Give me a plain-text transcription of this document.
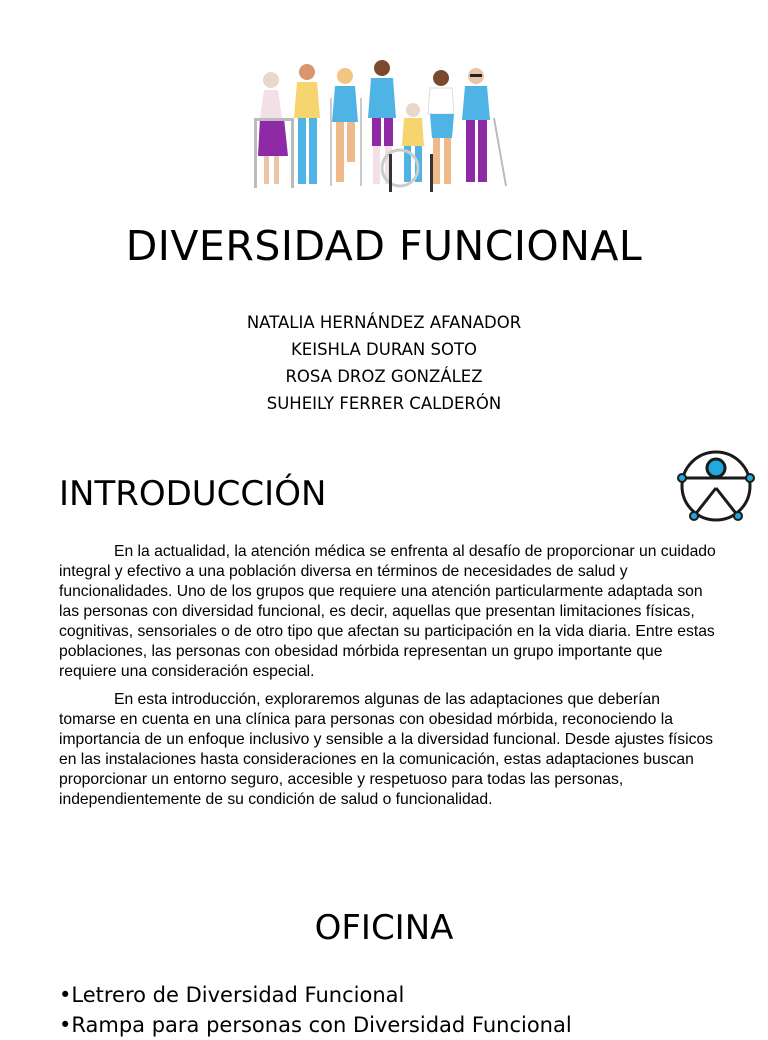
DIVERSIDAD FUNCIONAL
NATALIA HERNÁNDEZ AFANADOR
KEISHLA DURAN SOTO
ROSA DROZ GONZÁLEZ
SUHEILY FERRER CALDERÓN
INTRODUCCIÓN

En la actualidad, la atención médica se enfrenta al desafío de proporcionar un cuidado integral y efectivo a una población diversa en términos de necesidades de salud y funcionalidades. Uno de los grupos que requiere una atención particularmente adaptada son las personas con diversidad funcional, es decir, aquellas que presentan limitaciones físicas, cognitivas, sensoriales o de otro tipo que afectan su participación en la vida diaria. Entre estas poblaciones, las personas con obesidad mórbida representan un grupo importante que requiere una consideración especial.

En esta introducción, exploraremos algunas de las adaptaciones que deberían tomarse en cuenta en una clínica para personas con obesidad mórbida, reconociendo la importancia de un enfoque inclusivo y sensible a la diversidad funcional. Desde ajustes físicos en las instalaciones hasta consideraciones en la comunicación, estas adaptaciones buscan proporcionar un entorno seguro, accesible y respetuoso para todas las personas, independientemente de su condición de salud o funcionalidad.

OFICINA
• Letrero de Diversidad Funcional
• Rampa para personas con Diversidad Funcional
